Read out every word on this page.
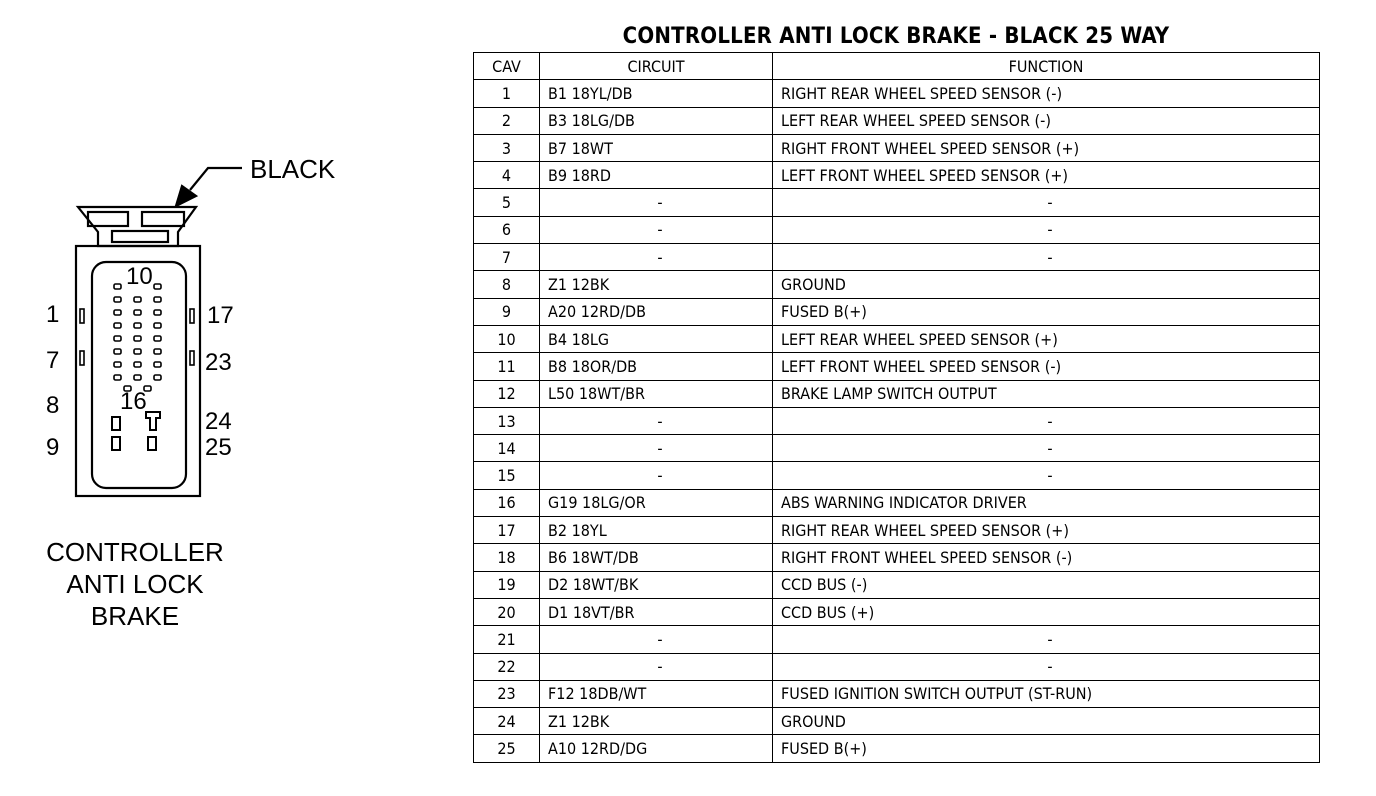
1
7
8
9
10
16
17
23
24
25
BLACK
CONTROLLER
ANTI LOCK
BRAKE
CONTROLLER ANTI LOCK BRAKE - BLACK 25 WAY
CAV	CIRCUIT	FUNCTION
1	B1 18YL/DB	RIGHT REAR WHEEL SPEED SENSOR (-)
2	B3 18LG/DB	LEFT REAR WHEEL SPEED SENSOR (-)
3	B7 18WT	RIGHT FRONT WHEEL SPEED SENSOR (+)
4	B9 18RD	LEFT FRONT WHEEL SPEED SENSOR (+)
5	-	-
6	-	-
7	-	-
8	Z1 12BK	GROUND
9	A20 12RD/DB	FUSED B(+)
10	B4 18LG	LEFT REAR WHEEL SPEED SENSOR (+)
11	B8 18OR/DB	LEFT FRONT WHEEL SPEED SENSOR (-)
12	L50 18WT/BR	BRAKE LAMP SWITCH OUTPUT
13	-	-
14	-	-
15	-	-
16	G19 18LG/OR	ABS WARNING INDICATOR DRIVER
17	B2 18YL	RIGHT REAR WHEEL SPEED SENSOR (+)
18	B6 18WT/DB	RIGHT FRONT WHEEL SPEED SENSOR (-)
19	D2 18WT/BK	CCD BUS (-)
20	D1 18VT/BR	CCD BUS (+)
21	-	-
22	-	-
23	F12 18DB/WT	FUSED IGNITION SWITCH OUTPUT (ST-RUN)
24	Z1 12BK	GROUND
25	A10 12RD/DG	FUSED B(+)
